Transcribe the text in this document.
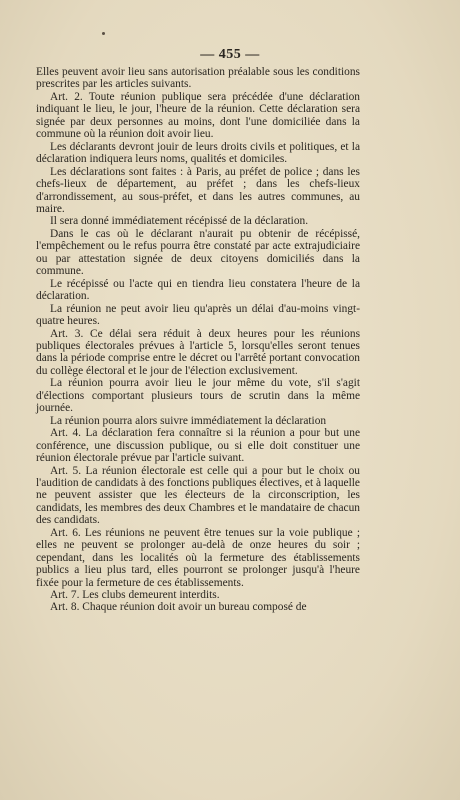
— 455 —

Elles peuvent avoir lieu sans autorisation préalable sous les conditions prescrites par les articles suivants.

Art. 2. Toute réunion publique sera précédée d'une déclaration indiquant le lieu, le jour, l'heure de la réunion. Cette déclaration sera signée par deux personnes au moins, dont l'une domiciliée dans la commune où la réunion doit avoir lieu.

Les déclarants devront jouir de leurs droits civils et politiques, et la déclaration indiquera leurs noms, qualités et domiciles.

Les déclarations sont faites : à Paris, au préfet de police ; dans les chefs-lieux de département, au préfet ; dans les chefs-lieux d'arrondissement, au sous-préfet, et dans les autres communes, au maire.

Il sera donné immédiatement récépissé de la déclaration.

Dans le cas où le déclarant n'aurait pu obtenir de récépissé, l'empêchement ou le refus pourra être constaté par acte extrajudiciaire ou par attestation signée de deux citoyens domiciliés dans la commune.

Le récépissé ou l'acte qui en tiendra lieu constatera l'heure de la déclaration.

La réunion ne peut avoir lieu qu'après un délai d'au-moins vingt-quatre heures.

Art. 3. Ce délai sera réduit à deux heures pour les réunions publiques électorales prévues à l'article 5, lorsqu'elles seront tenues dans la période comprise entre le décret ou l'arrêté portant convocation du collège électoral et le jour de l'élection exclusivement.

La réunion pourra avoir lieu le jour même du vote, s'il s'agit d'élections comportant plusieurs tours de scrutin dans la même journée.

La réunion pourra alors suivre immédiatement la déclaration

Art. 4. La déclaration fera connaître si la réunion a pour but une conférence, une discussion publique, ou si elle doit constituer une réunion électorale prévue par l'article suivant.

Art. 5. La réunion électorale est celle qui a pour but le choix ou l'audition de candidats à des fonctions publiques électives, et à laquelle ne peuvent assister que les électeurs de la circonscription, les candidats, les membres des deux Chambres et le mandataire de chacun des candidats.

Art. 6. Les réunions ne peuvent être tenues sur la voie publique ; elles ne peuvent se prolonger au-delà de onze heures du soir ; cependant, dans les localités où la fermeture des établissements publics a lieu plus tard, elles pourront se prolonger jusqu'à l'heure fixée pour la fermeture de ces établissements.

Art. 7. Les clubs demeurent interdits.

Art. 8. Chaque réunion doit avoir un bureau composé de
